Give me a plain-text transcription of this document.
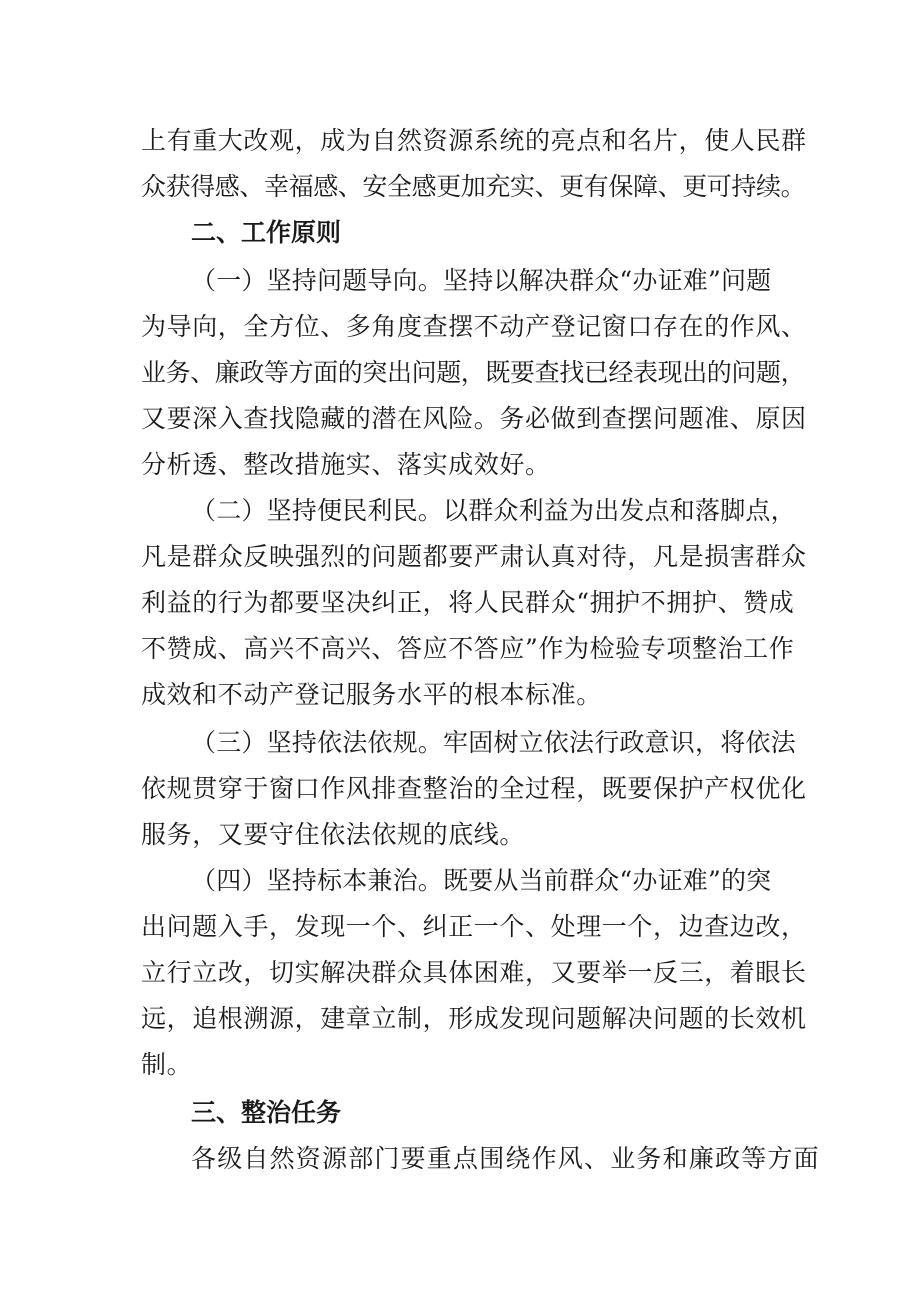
上有重大改观，成为自然资源系统的亮点和名片，使人民群
众获得感、幸福感、安全感更加充实、更有保障、更可持续。
二、工作原则
（一）坚持问题导向。坚持以解决群众“办证难”问题
为导向，全方位、多角度查摆不动产登记窗口存在的作风、
业务、廉政等方面的突出问题，既要查找已经表现出的问题，
又要深入查找隐藏的潜在风险。务必做到查摆问题准、原因
分析透、整改措施实、落实成效好。
（二）坚持便民利民。以群众利益为出发点和落脚点，
凡是群众反映强烈的问题都要严肃认真对待，凡是损害群众
利益的行为都要坚决纠正，将人民群众“拥护不拥护、赞成
不赞成、高兴不高兴、答应不答应”作为检验专项整治工作
成效和不动产登记服务水平的根本标准。
（三）坚持依法依规。牢固树立依法行政意识，将依法
依规贯穿于窗口作风排查整治的全过程，既要保护产权优化
服务，又要守住依法依规的底线。
（四）坚持标本兼治。既要从当前群众“办证难”的突
出问题入手，发现一个、纠正一个、处理一个，边查边改，
立行立改，切实解决群众具体困难，又要举一反三，着眼长
远，追根溯源，建章立制，形成发现问题解决问题的长效机
制。
三、整治任务
各级自然资源部门要重点围绕作风、业务和廉政等方面
